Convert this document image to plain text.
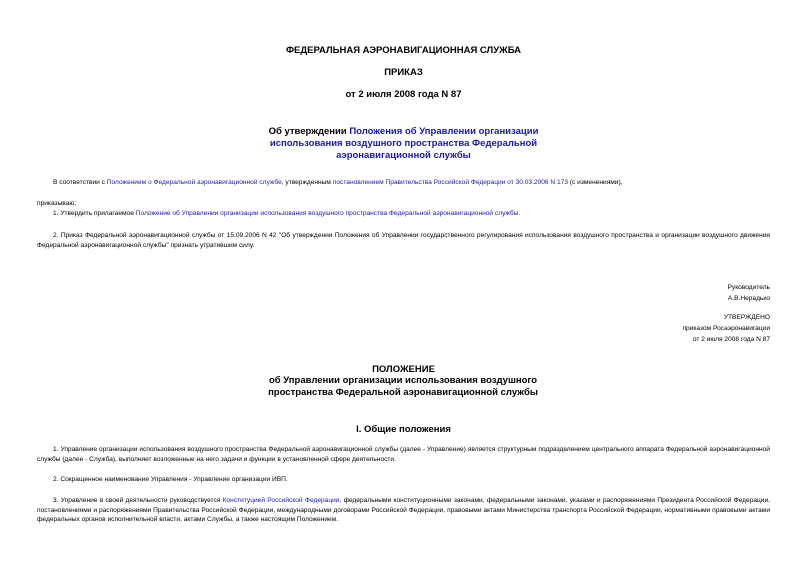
ФЕДЕРАЛЬНАЯ АЭРОНАВИГАЦИОННАЯ СЛУЖБА
ПРИКАЗ
от 2 июля 2008 года N 87
Об утверждении Положения об Управлении организации использования воздушного пространства Федеральной аэронавигационной службы
В соответствии с Положением о Федеральной аэронавигационной службе, утвержденным постановлением Правительства Российской Федерации от 30.03.2006 N 173 (с изменениями),
приказываю:
1. Утвердить прилагаемое Положение об Управлении организации использования воздушного пространства Федеральной аэронавигационной службы.
2. Приказ Федеральной аэронавигационной службы от 15.09.2006 N 42 "Об утверждении Положения об Управлении государственного регулирования использования воздушного пространства и организации воздушного движения Федеральной аэронавигационной службы" признать утратившим силу.
Руководитель
А.В.Нерадько
УТВЕРЖДЕНО
приказом Росаэронавигации
от 2 июля 2008 года N 87
ПОЛОЖЕНИЕ
об Управлении организации использования воздушного пространства Федеральной аэронавигационной службы
I. Общие положения
1. Управление организации использования воздушного пространства Федеральной аэронавигационной службы (далее - Управление) является структурным подразделением центрального аппарата Федеральной аэронавигационной службы (далее - Служба), выполняет возложенные на него задачи и функции в установленной сфере деятельности.
2. Сокращенное наименование Управления - Управление организации ИВП.
3. Управление в своей деятельности руководствуется Конституцией Российской Федерации, федеральными конституционными законами, федеральными законами, указами и распоряжениями Президента Российской Федерации, постановлениями и распоряжениями Правительства Российской Федерации, международными договорами Российской Федерации, правовыми актами Министерства транспорта Российской Федерации, нормативными правовыми актами федеральных органов исполнительной власти, актами Службы, а также настоящим Положением.
